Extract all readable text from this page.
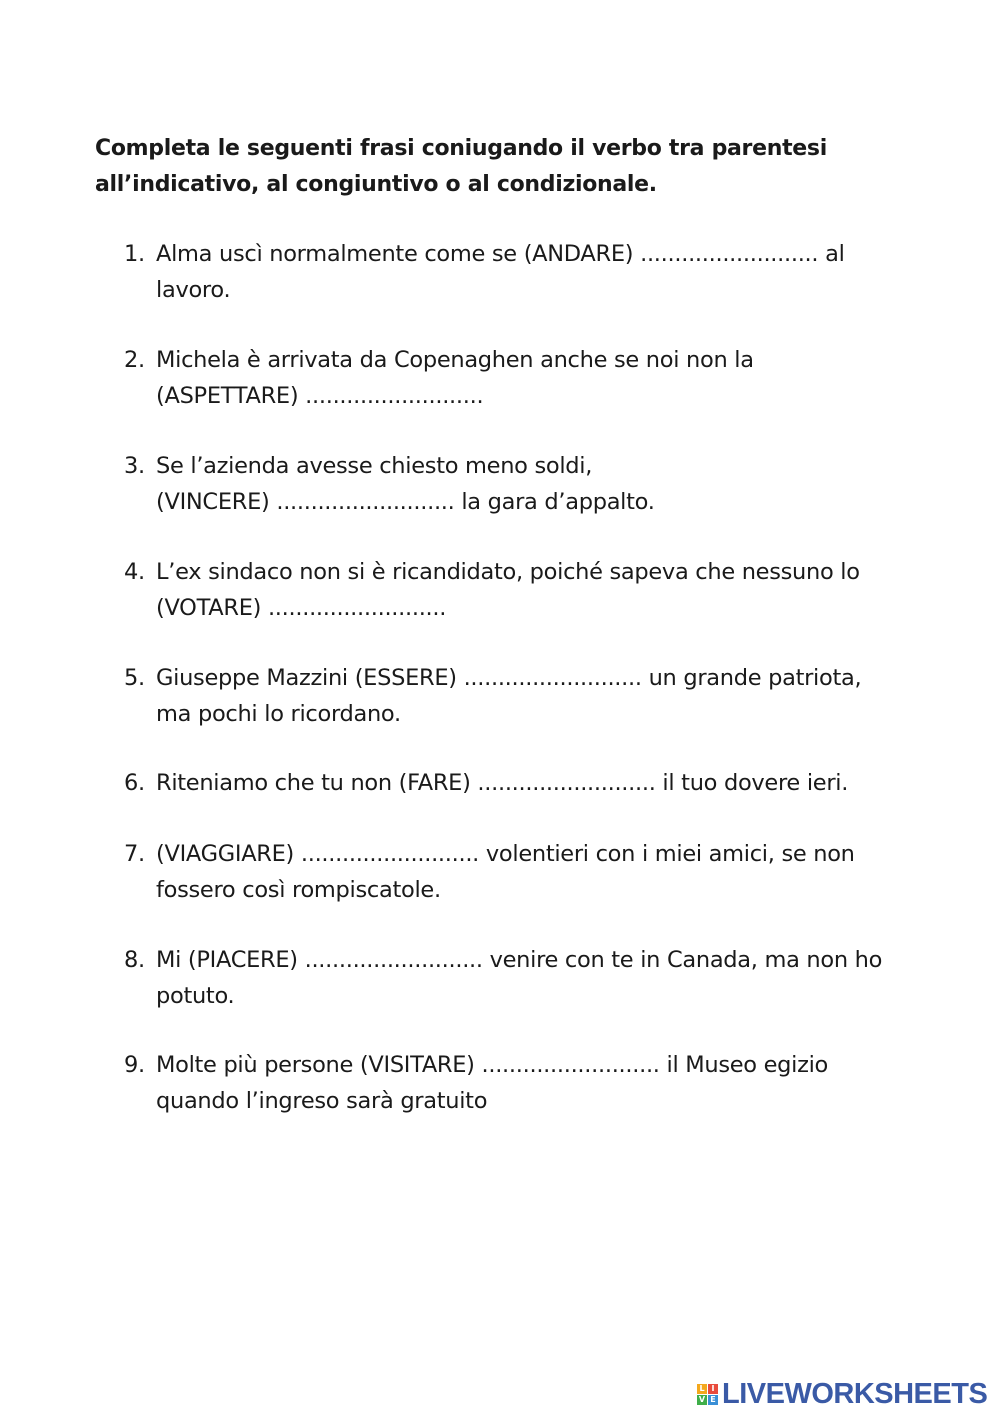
Completa le seguenti frasi coniugando il verbo tra parentesi
all’indicativo, al congiuntivo o al condizionale.
1. Alma uscì normalmente come se (ANDARE) .......................... al
lavoro.
2. Michela è arrivata da Copenaghen anche se noi non la
(ASPETTARE) ..........................
3. Se l’azienda avesse chiesto meno soldi,
(VINCERE) .......................... la gara d’appalto.
4. L’ex sindaco non si è ricandidato, poiché sapeva che nessuno lo
(VOTARE) ..........................
5. Giuseppe Mazzini (ESSERE) .......................... un grande patriota,
ma pochi lo ricordano.
6. Riteniamo che tu non (FARE) .......................... il tuo dovere ieri.
7. (VIAGGIARE) .......................... volentieri con i miei amici, se non
fossero così rompiscatole.
8. Mi (PIACERE) .......................... venire con te in Canada, ma non ho
potuto.
9. Molte più persone (VISITARE) .......................... il Museo egizio
quando l’ingreso sarà gratuito
L I
V E LIVEWORKSHEETS
